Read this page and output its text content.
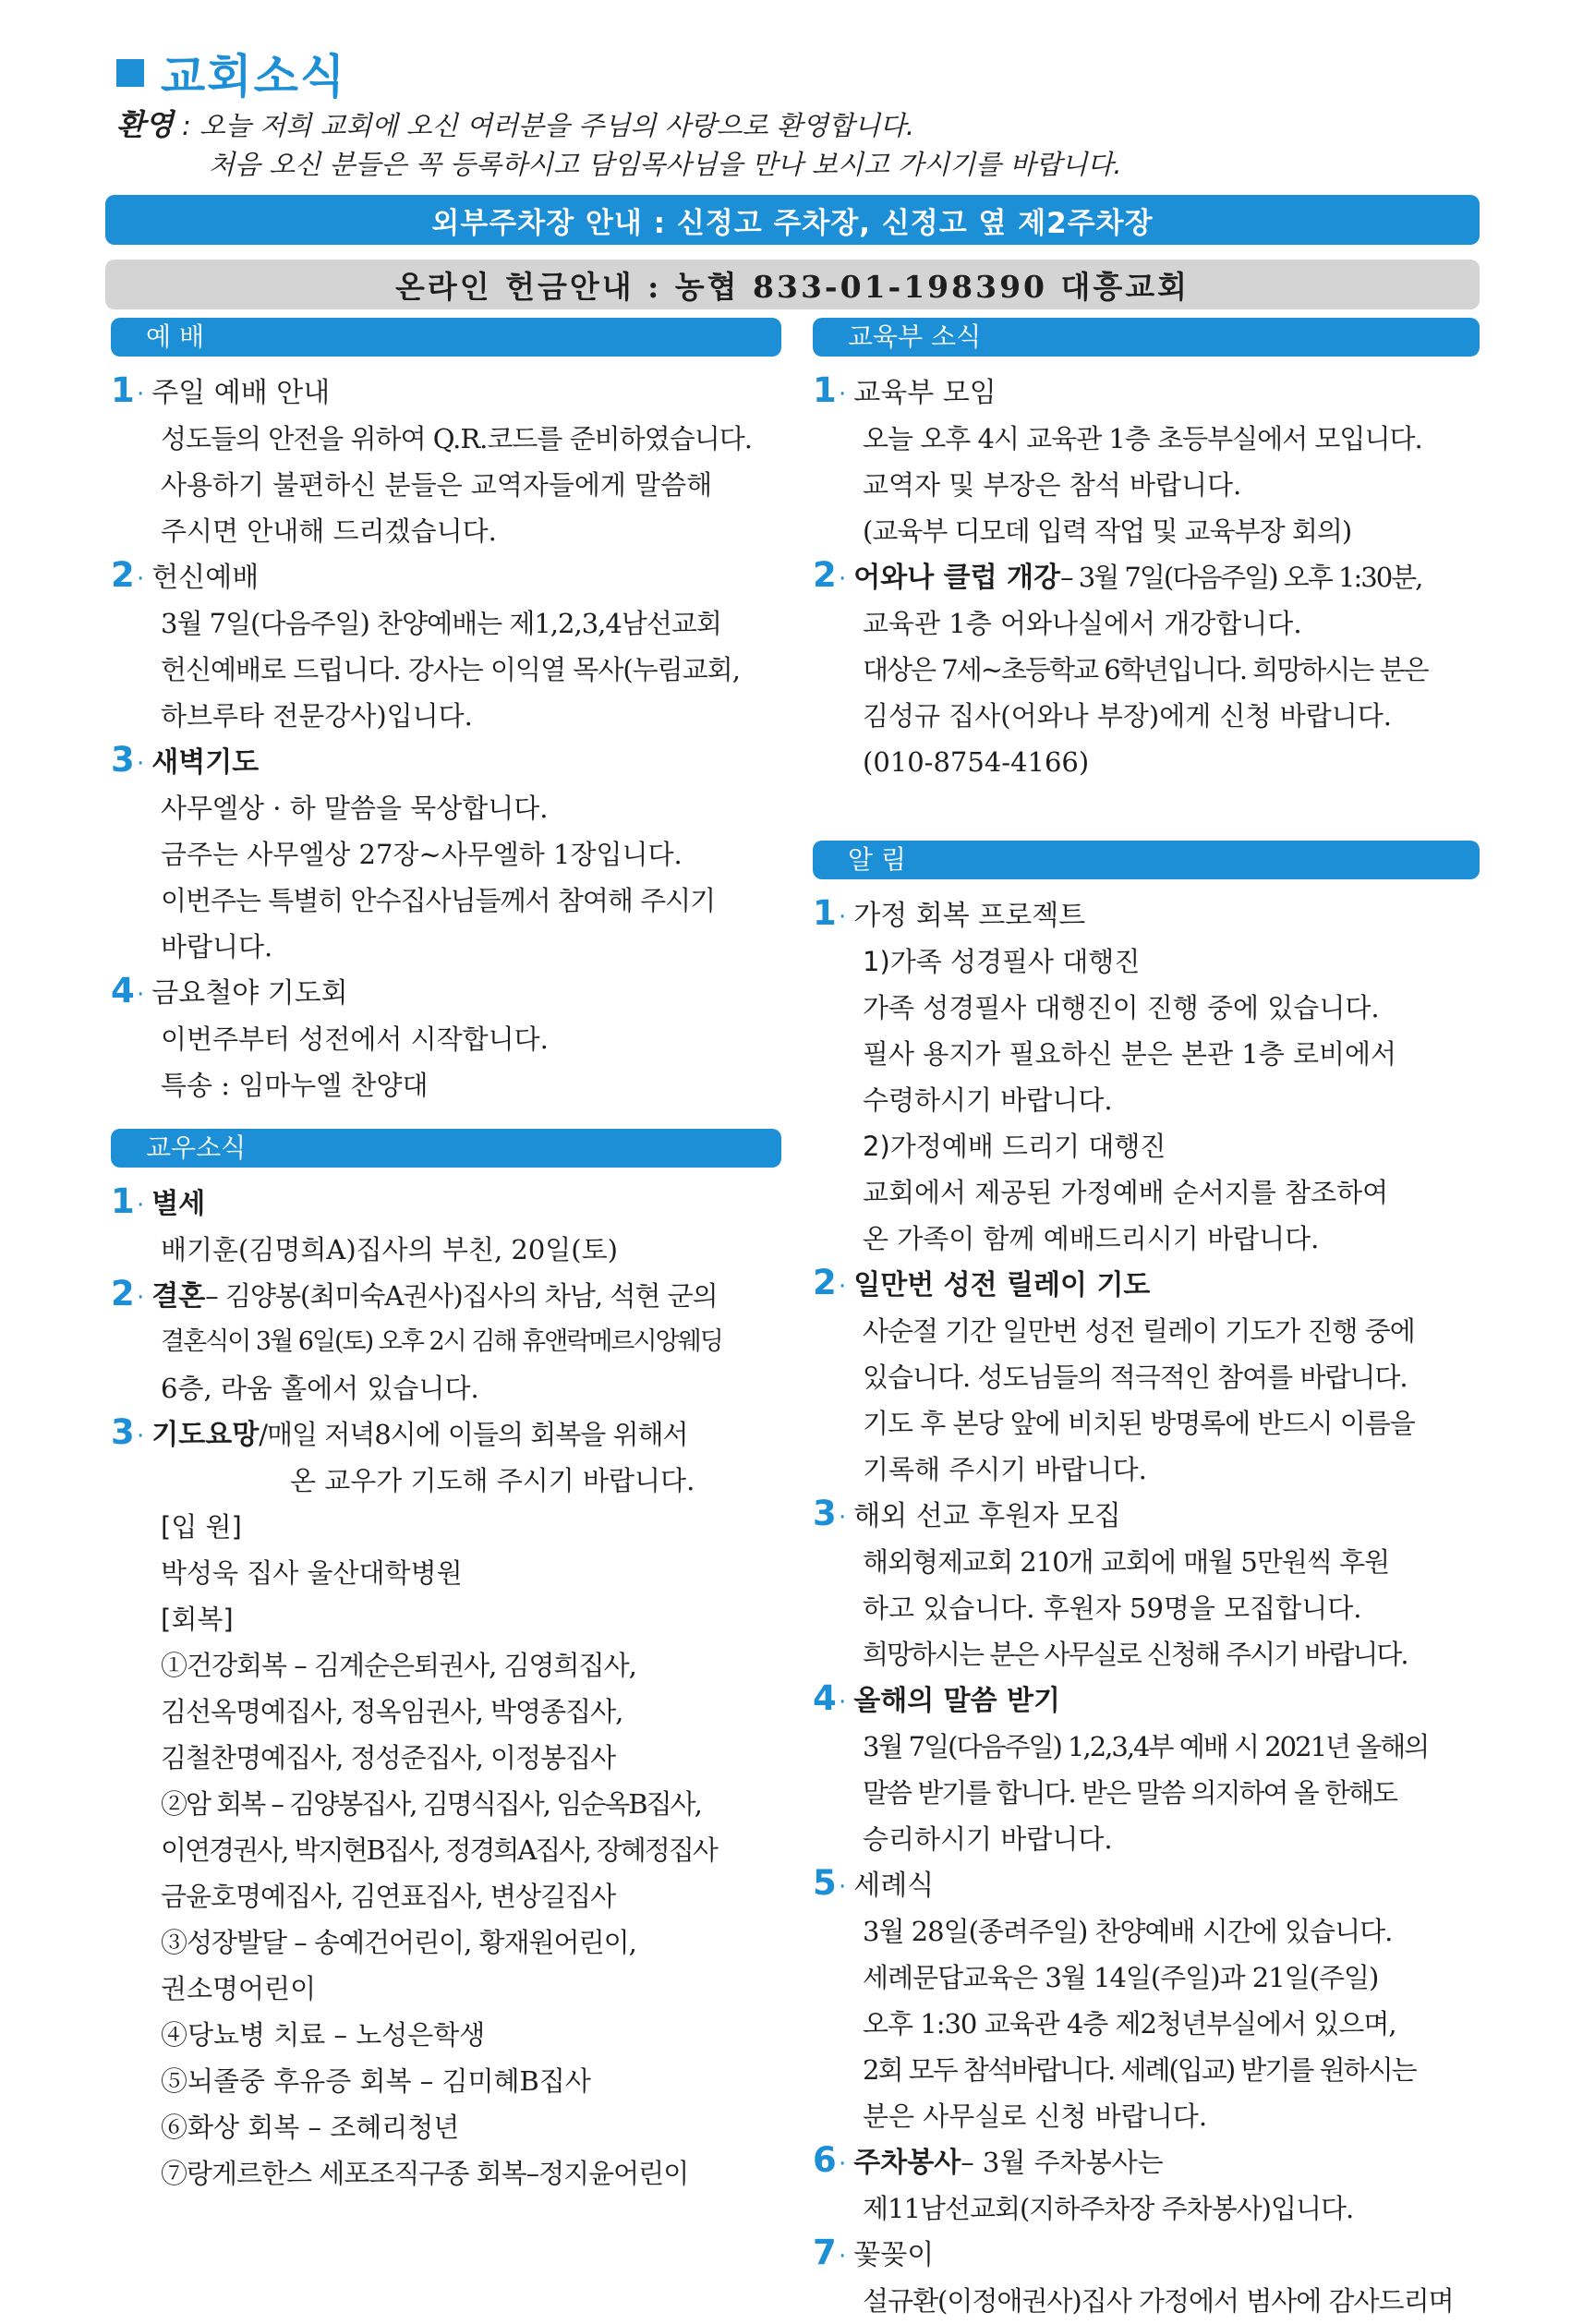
교회소식
환영 : 오늘 저희 교회에 오신 여러분을 주님의 사랑으로 환영합니다.
처음 오신 분들은 꼭 등록하시고 담임목사님을 만나 보시고 가시기를 바랍니다.
외부주차장 안내 : 신정고 주차장, 신정고 옆 제2주차장
온라인 헌금안내 : 농협 833-01-198390 대흥교회
예 배
1 · 주일 예배 안내
성도들의 안전을 위하여 Q.R.코드를 준비하였습니다.
사용하기 불편하신 분들은 교역자들에게 말씀해
주시면 안내해 드리겠습니다.
2 · 헌신예배
3월 7일(다음주일) 찬양예배는 제1,2,3,4남선교회
헌신예배로 드립니다. 강사는 이익열 목사(누림교회,
하브루타 전문강사)입니다.
3 · 새벽기도
사무엘상 · 하 말씀을 묵상합니다.
금주는 사무엘상 27장~사무엘하 1장입니다.
이번주는 특별히 안수집사님들께서 참여해 주시기
바랍니다.
4 · 금요철야 기도회
이번주부터 성전에서 시작합니다.
특송 : 임마누엘 찬양대
교우소식
1 · 별세
배기훈(김명희A)집사의 부친, 20일(토)
2 · 결혼 – 김양봉(최미숙A권사)집사의 차남, 석현 군의
결혼식이 3월 6일(토) 오후 2시 김해 휴앤락메르시앙웨딩
6층, 라움 홀에서 있습니다.
3 · 기도요망 /매일 저녁8시에 이들의 회복을 위해서
온 교우가 기도해 주시기 바랍니다.
[입 원]
박성욱 집사 울산대학병원
[회복]
①건강회복 – 김계순은퇴권사, 김영희집사,
김선옥명예집사, 정옥임권사, 박영종집사,
김철찬명예집사, 정성준집사, 이정봉집사
②암 회복 – 김양봉집사, 김명식집사, 임순옥B집사,
이연경권사, 박지현B집사, 정경희A집사, 장혜정집사
금윤호명예집사, 김연표집사, 변상길집사
③성장발달 – 송예건어린이, 황재원어린이,
권소명어린이
④당뇨병 치료 – 노성은학생
⑤뇌졸중 후유증 회복 – 김미혜B집사
⑥화상 회복 – 조혜리청년
⑦랑게르한스 세포조직구종 회복–정지윤어린이
교육부 소식
1 · 교육부 모임
오늘 오후 4시 교육관 1층 초등부실에서 모입니다.
교역자 및 부장은 참석 바랍니다.
(교육부 디모데 입력 작업 및 교육부장 회의)
2 · 어와나 클럽 개강 – 3월 7일(다음주일) 오후 1:30분,
교육관 1층 어와나실에서 개강합니다.
대상은 7세~초등학교 6학년입니다. 희망하시는 분은
김성규 집사(어와나 부장)에게 신청 바랍니다.
(010-8754-4166)
알 림
1 · 가정 회복 프로젝트
1)가족 성경필사 대행진
가족 성경필사 대행진이 진행 중에 있습니다.
필사 용지가 필요하신 분은 본관 1층 로비에서
수령하시기 바랍니다.
2)가정예배 드리기 대행진
교회에서 제공된 가정예배 순서지를 참조하여
온 가족이 함께 예배드리시기 바랍니다.
2 · 일만번 성전 릴레이 기도
사순절 기간 일만번 성전 릴레이 기도가 진행 중에
있습니다. 성도님들의 적극적인 참여를 바랍니다.
기도 후 본당 앞에 비치된 방명록에 반드시 이름을
기록해 주시기 바랍니다.
3 · 해외 선교 후원자 모집
해외형제교회 210개 교회에 매월 5만원씩 후원
하고 있습니다. 후원자 59명을 모집합니다.
희망하시는 분은 사무실로 신청해 주시기 바랍니다.
4 · 올해의 말씀 받기
3월 7일(다음주일) 1,2,3,4부 예배 시 2021년 올해의
말씀 받기를 합니다. 받은 말씀 의지하여 올 한해도
승리하시기 바랍니다.
5 · 세례식
3월 28일(종려주일) 찬양예배 시간에 있습니다.
세례문답교육은 3월 14일(주일)과 21일(주일)
오후 1:30 교육관 4층 제2청년부실에서 있으며,
2회 모두 참석바랍니다. 세례(입교) 받기를 원하시는
분은 사무실로 신청 바랍니다.
6 · 주차봉사 – 3월 주차봉사는
제11남선교회(지하주차장 주차봉사)입니다.
7 · 꽃꽂이
설규환(이정애권사)집사 가정에서 범사에 감사드리며
